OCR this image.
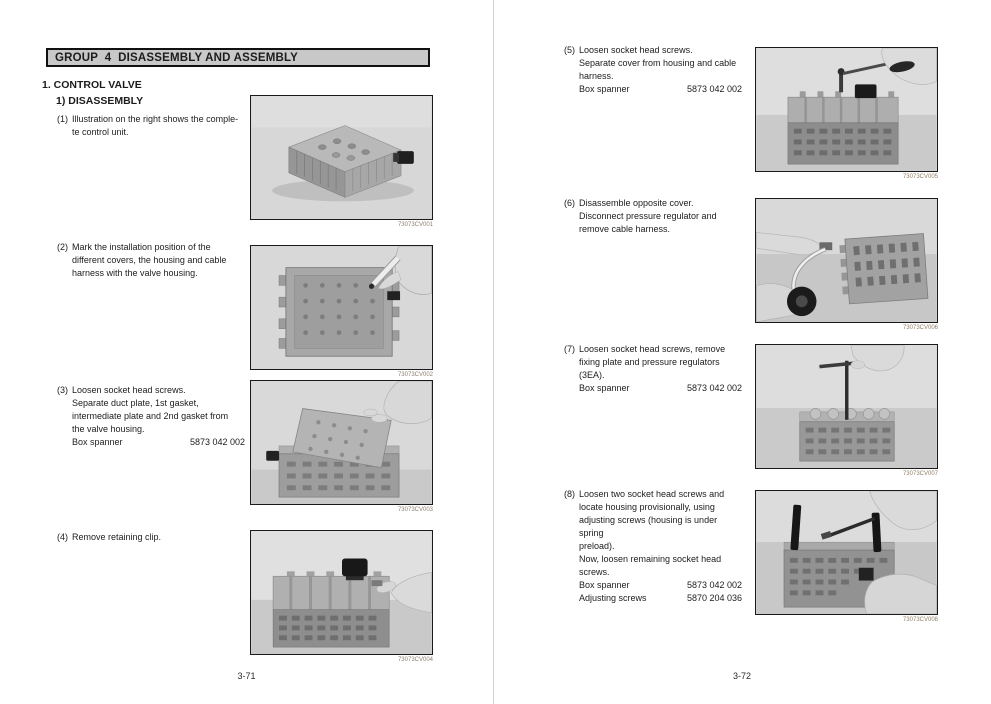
GROUP  4  DISASSEMBLY AND ASSEMBLY
1. CONTROL VALVE
1) DISASSEMBLY
(1) Illustration on the right shows the comple-
te control unit.
(2) Mark the installation position of the
different covers, the housing and cable
harness with the valve housing.
(3) Loosen socket head screws.
Separate duct plate, 1st gasket,
intermediate plate and 2nd gasket from
the valve housing.
Box spanner	5873 042 002
(4) Remove retaining clip.
73073CV001
73073CV002
73073CV003
73073CV004
3-71
(5) Loosen socket head screws.
Separate cover from housing and cable
harness.
Box spanner	5873 042 002
(6) Disassemble opposite cover.
Disconnect pressure regulator and
remove cable harness.
(7) Loosen socket head screws, remove
fixing plate and pressure regulators (3EA).
Box spanner	5873 042 002
(8) Loosen two socket head screws and
locate housing provisionally, using
adjusting screws (housing is under spring
preload).
Now, loosen remaining socket head
screws.
Box spanner	5873 042 002
Adjusting screws	5870 204 036
73073CV005
73073CV006
73073CV007
73073CV008
3-72
